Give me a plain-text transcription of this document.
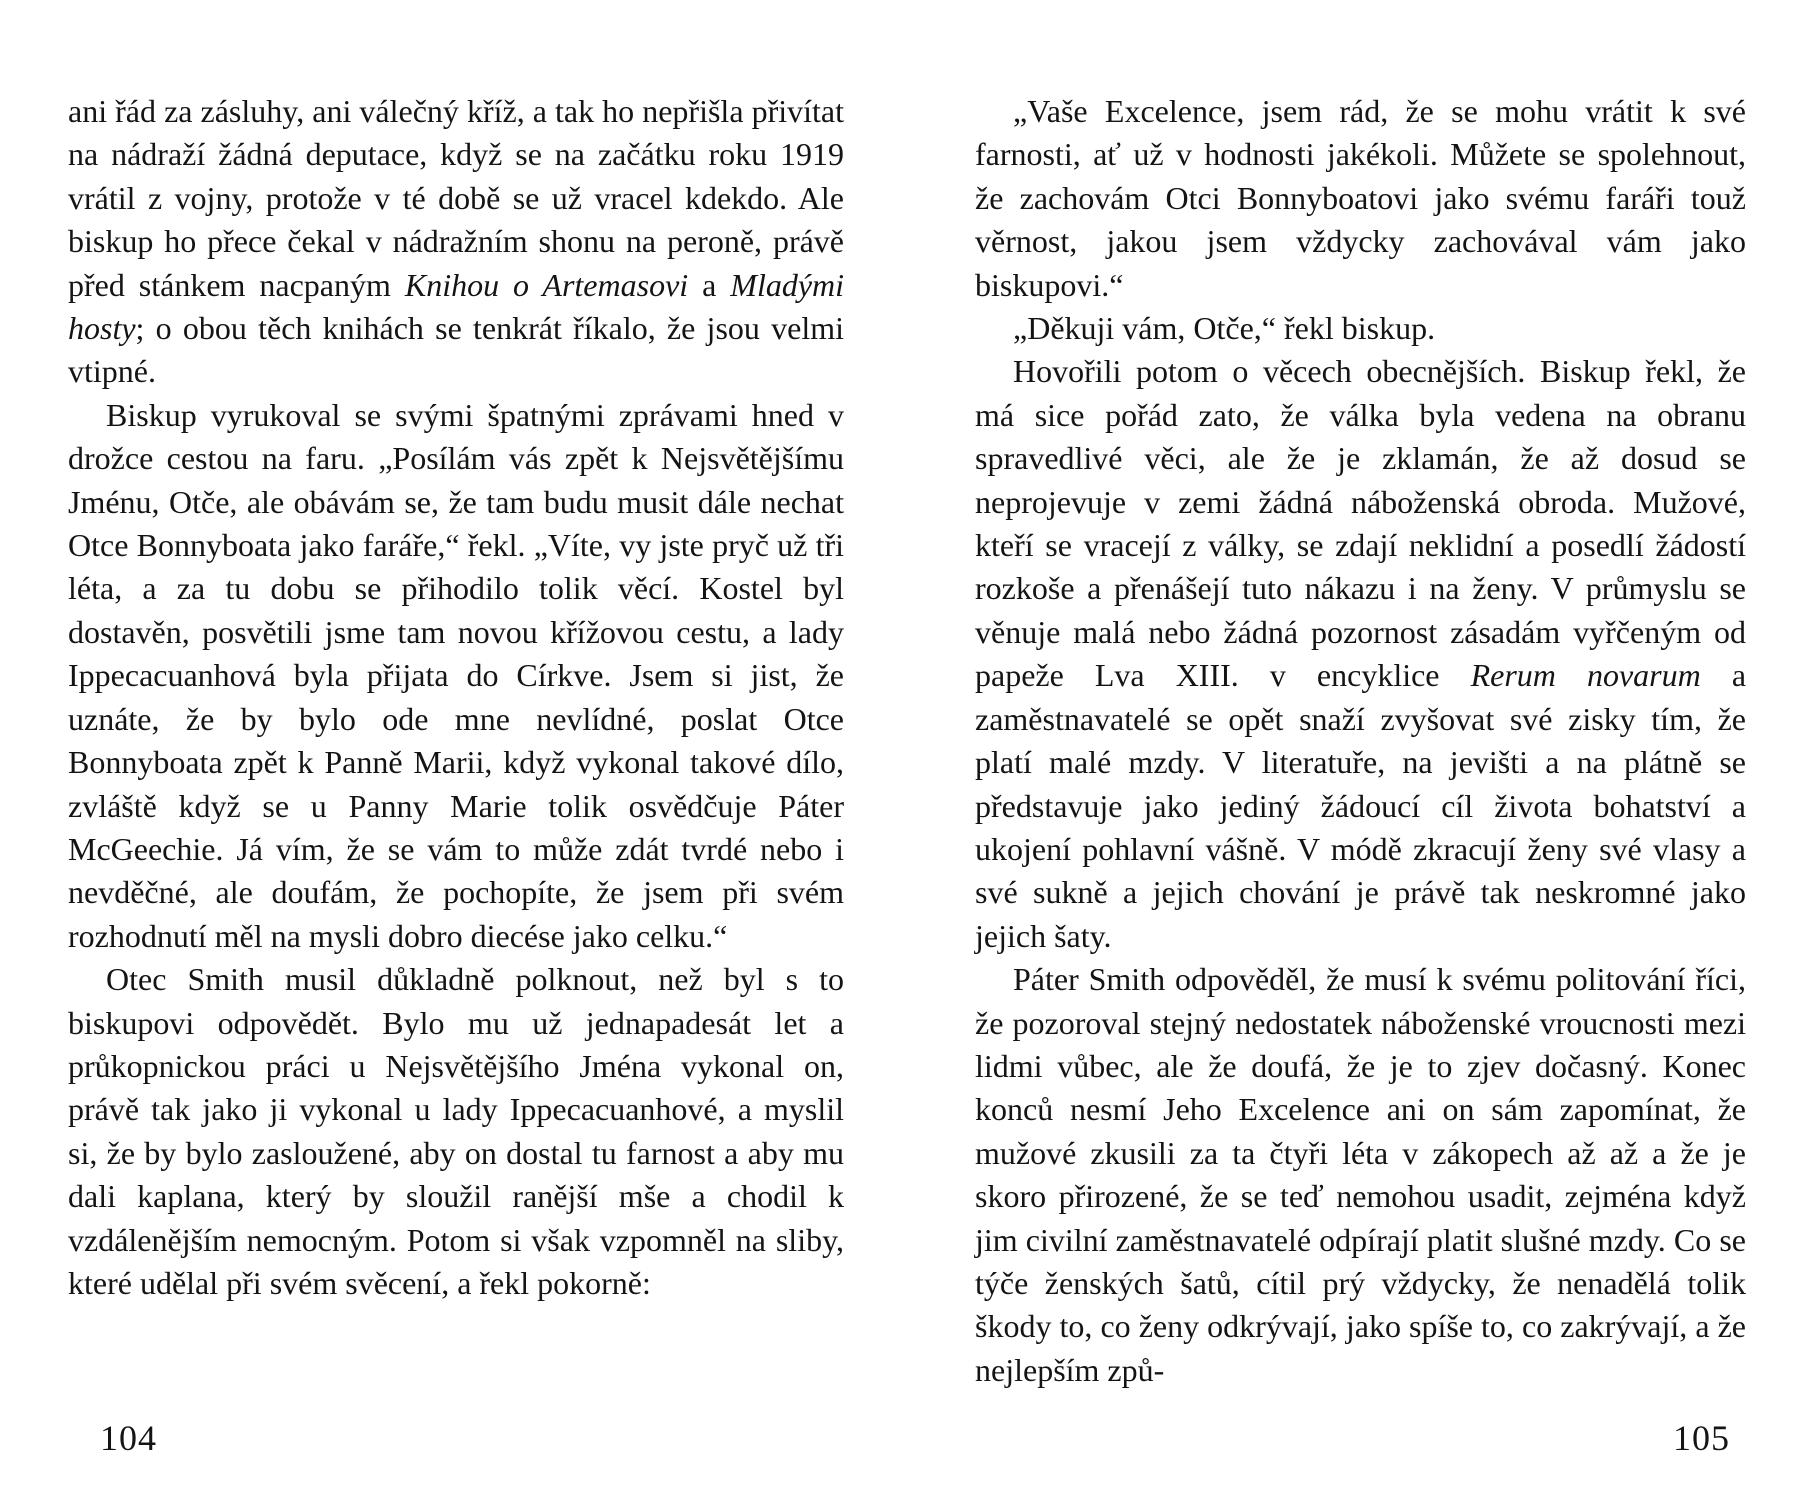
ani řád za zásluhy, ani válečný kříž, a tak ho nepřišla přivítat na nádraží žádná deputace, když se na začátku roku 1919 vrátil z vojny, protože v té době se už vracel kdekdo. Ale biskup ho přece čekal v nádražním shonu na peroně, právě před stánkem nacpaným Knihou o Artemasovi a Mladými hosty; o obou těch knihách se tenkrát říkalo, že jsou velmi vtipné.

Biskup vyrukoval se svými špatnými zprávami hned v drožce cestou na faru. „Posílám vás zpět k Nejsvětějšímu Jménu, Otče, ale obávám se, že tam budu musit dále nechat Otce Bonnyboata jako faráře,“ řekl. „Víte, vy jste pryč už tři léta, a za tu dobu se přihodilo tolik věcí. Kostel byl dostavěn, posvětili jsme tam novou křížovou cestu, a lady Ippecacuanhová byla přijata do Církve. Jsem si jist, že uznáte, že by bylo ode mne nevlídné, poslat Otce Bonnyboata zpět k Panně Marii, když vykonal takové dílo, zvláště když se u Panny Marie tolik osvědčuje Páter McGeechie. Já vím, že se vám to může zdát tvrdé nebo i nevděčné, ale doufám, že pochopíte, že jsem při svém rozhodnutí měl na mysli dobro diecése jako celku.“

Otec Smith musil důkladně polknout, než byl s to biskupovi odpovědět. Bylo mu už jednapadesát let a průkopnickou práci u Nejsvětějšího Jména vykonal on, právě tak jako ji vykonal u lady Ippecacuanhové, a myslil si, že by bylo zasloužené, aby on dostal tu farnost a aby mu dali kaplana, který by sloužil ranější mše a chodil k vzdálenějším nemocným. Potom si však vzpomněl na sliby, které udělal při svém svěcení, a řekl pokorně:

„Vaše Excelence, jsem rád, že se mohu vrátit k své farnosti, ať už v hodnosti jakékoli. Můžete se spolehnout, že zachovám Otci Bonnyboatovi jako svému faráři touž věrnost, jakou jsem vždycky zachovával vám jako biskupovi.“

„Děkuji vám, Otče,“ řekl biskup.

Hovořili potom o věcech obecnějších. Biskup řekl, že má sice pořád zato, že válka byla vedena na obranu spravedlivé věci, ale že je zklamán, že až dosud se neprojevuje v zemi žádná náboženská obroda. Mužové, kteří se vracejí z války, se zdají neklidní a posedlí žádostí rozkoše a přenášejí tuto nákazu i na ženy. V průmyslu se věnuje malá nebo žádná pozornost zásadám vyřčeným od papeže Lva XIII. v encyklice Rerum novarum a zaměstnavatelé se opět snaží zvyšovat své zisky tím, že platí malé mzdy. V literatuře, na jevišti a na plátně se představuje jako jediný žádoucí cíl života bohatství a ukojení pohlavní vášně. V módě zkracují ženy své vlasy a své sukně a jejich chování je právě tak neskromné jako jejich šaty.

Páter Smith odpověděl, že musí k svému politování říci, že pozoroval stejný nedostatek náboženské vroucnosti mezi lidmi vůbec, ale že doufá, že je to zjev dočasný. Konec konců nesmí Jeho Excelence ani on sám zapomínat, že mužové zkusili za ta čtyři léta v zákopech až až a že je skoro přirozené, že se teď nemohou usadit, zejména když jim civilní zaměstnavatelé odpírají platit slušné mzdy. Co se týče ženských šatů, cítil prý vždycky, že nenadělá tolik škody to, co ženy odkrývají, jako spíše to, co zakrývají, a že nejlepším způ-

104	105
